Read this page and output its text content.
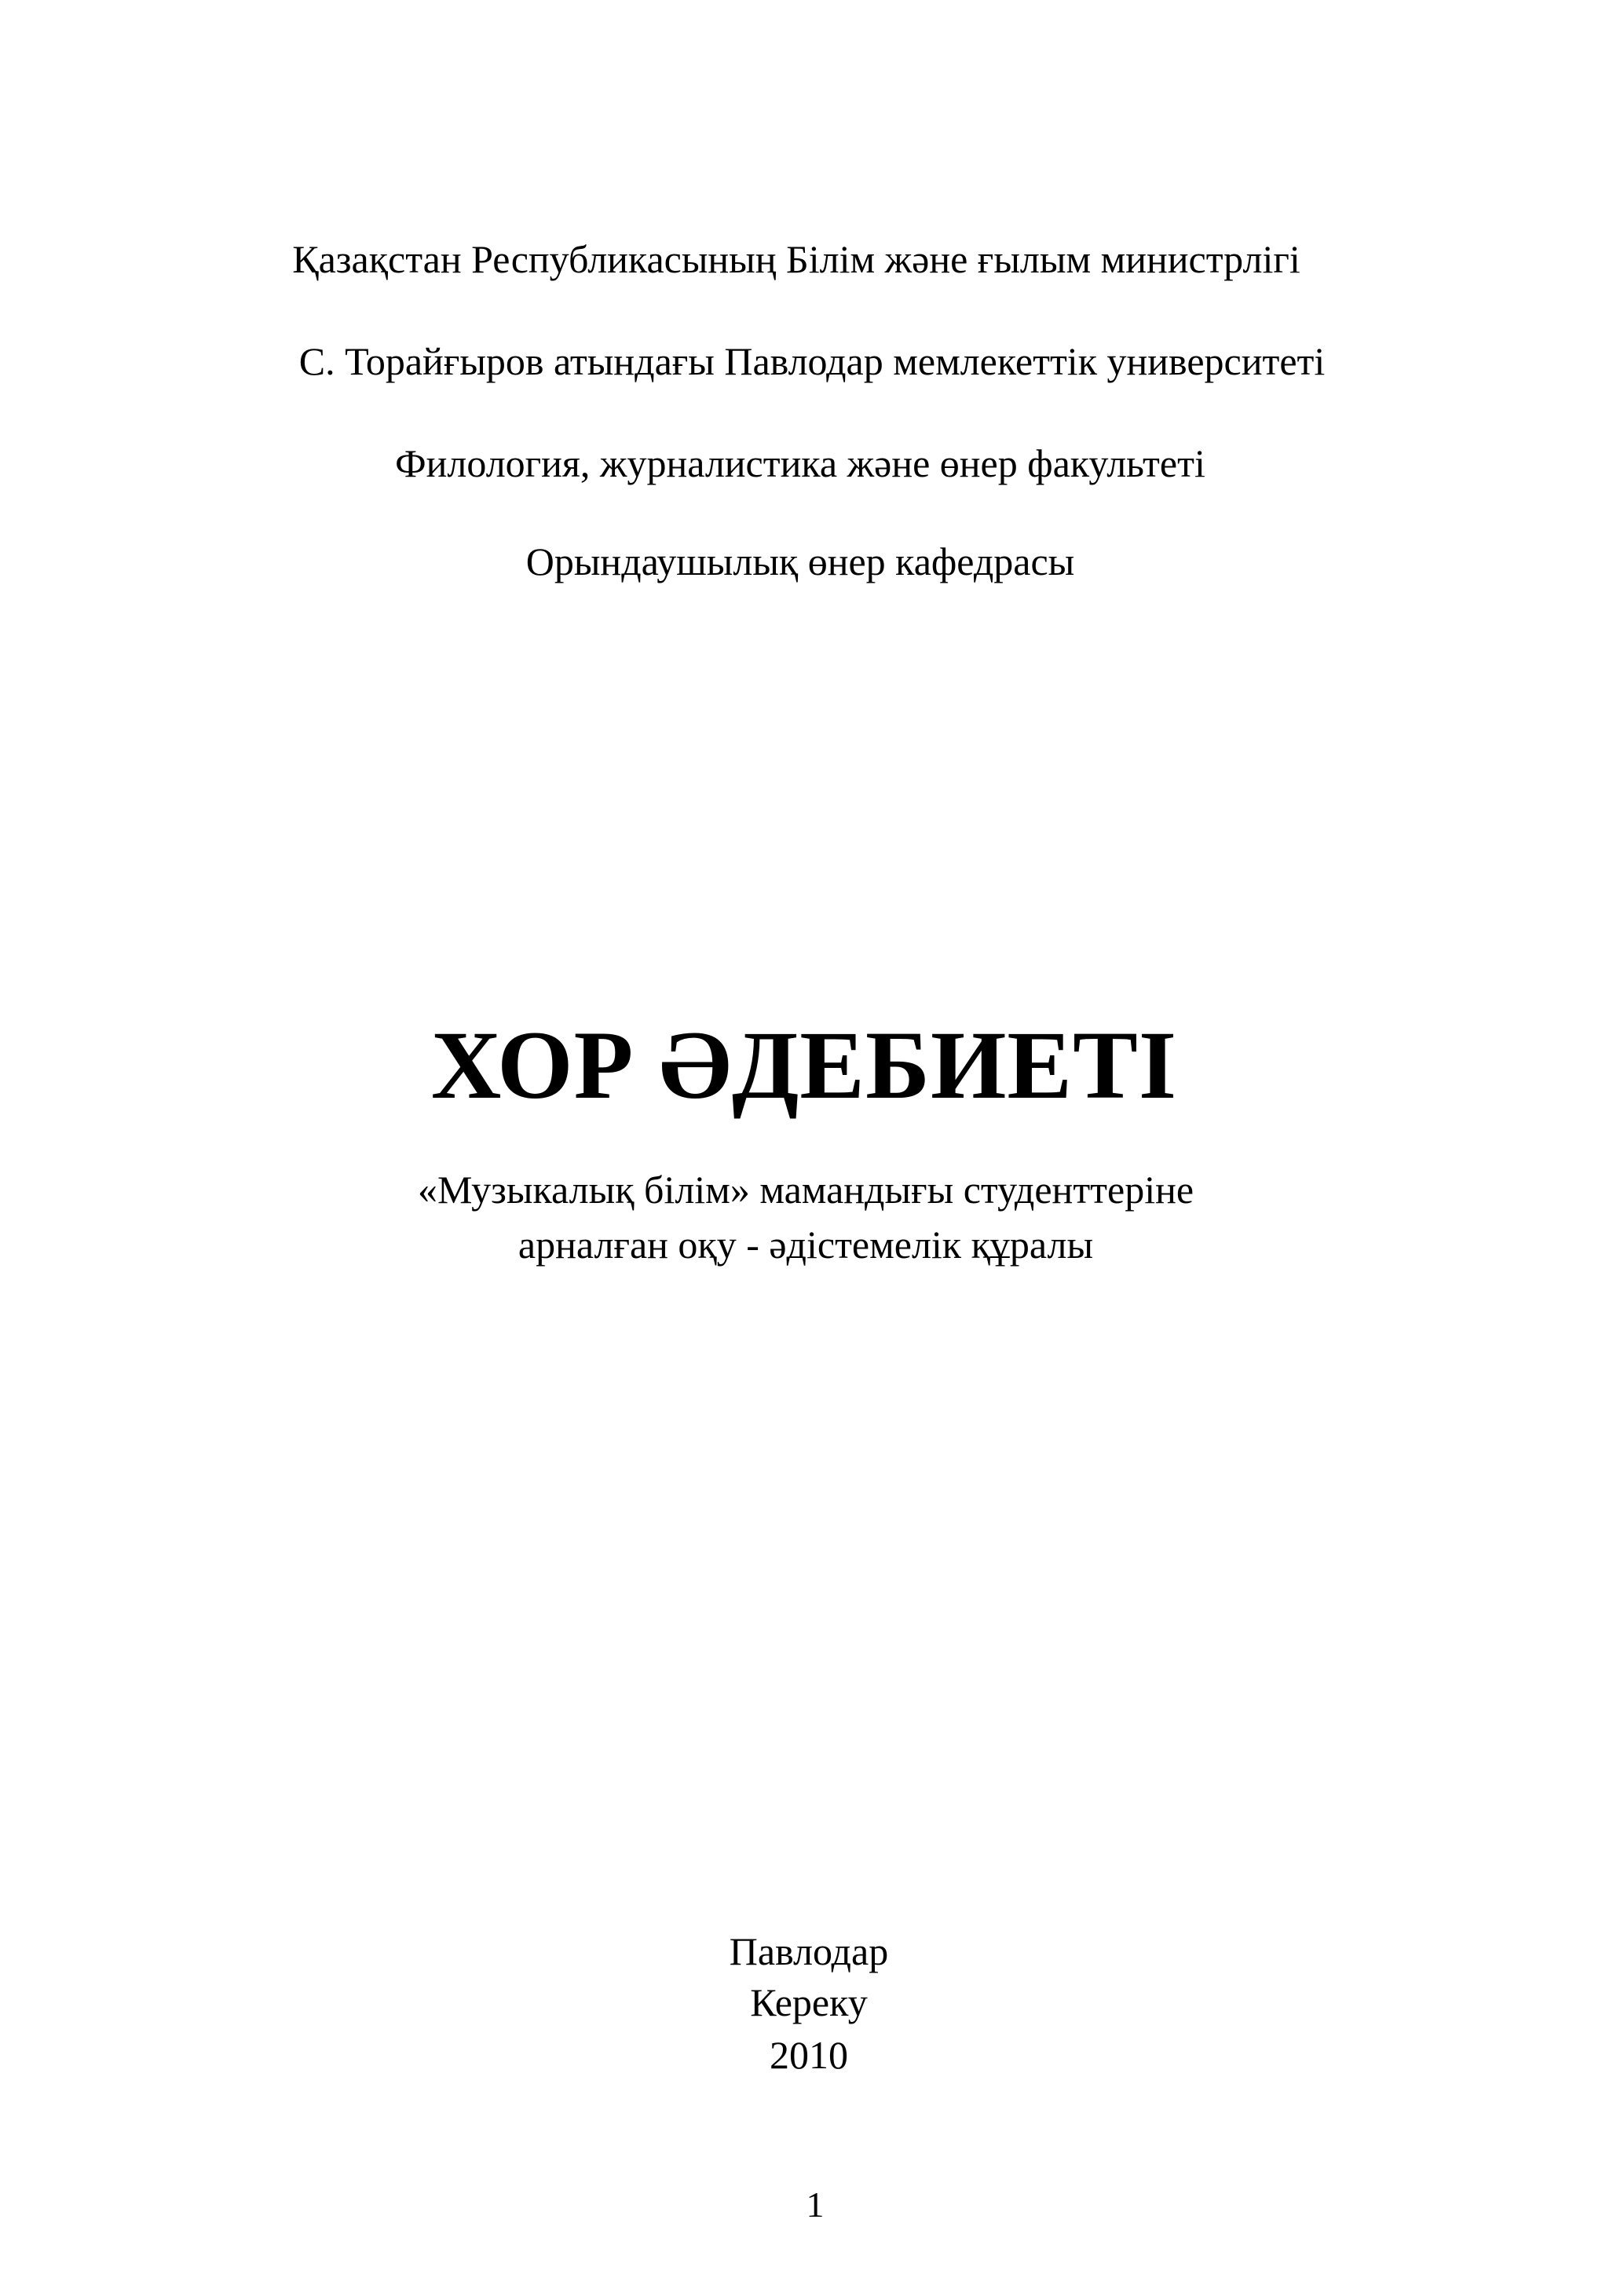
Қазақстан Республикасының Білім және ғылым министрлігі
С. Торайғыров атындағы Павлодар мемлекеттік университеті
Филология, журналистика және өнер факультеті
Орындаушылық өнер кафедрасы
ХОР ӘДЕБИЕТІ
«Музыкалық білім» мамандығы студенттеріне
арналған оқу - әдістемелік құралы
Павлодар
Кереку
2010
1
